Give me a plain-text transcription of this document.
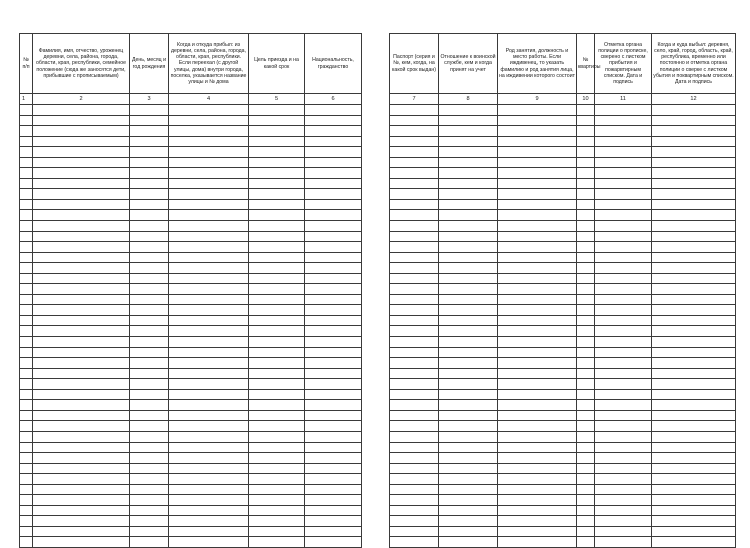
№ п/п	Фамилия, имя, отчество, уроженец деревни, села, района, города, области, края, республики, семейное положение (сюда же заносятся дети, прибывшие с прописываемым)	День, месяц и год рождения	Когда и откуда прибыл: из деревни, села, района, города, области, края, республики. Если переехал (с другой улицы, дома) внутри города, поселка, указывается название улицы и № дома	Цель приезда и на какой срок	Национальность, гражданство
1	2	3	4	5	6

Паспорт (серия и №, кем, когда, на какой срок выдан)	Отношение к воинской службе, кем и когда принят на учет	Род занятия, должность и место работы. Если иждивенец, то указать фамилию и род занятия лица, на иждивении которого состоит	№ квартиры	Отметка органа полиции о прописке, сверено с листком прибытия и пожарвтирным списком. Дата и подпись	Когда и куда выбыл: деревня, село, край, город, область, край, республика, временно или постоянно и отметка органа полиции о сверке с листком убытия и поквартирным списком. Дата и подпись
7	8	9	10	11	12
